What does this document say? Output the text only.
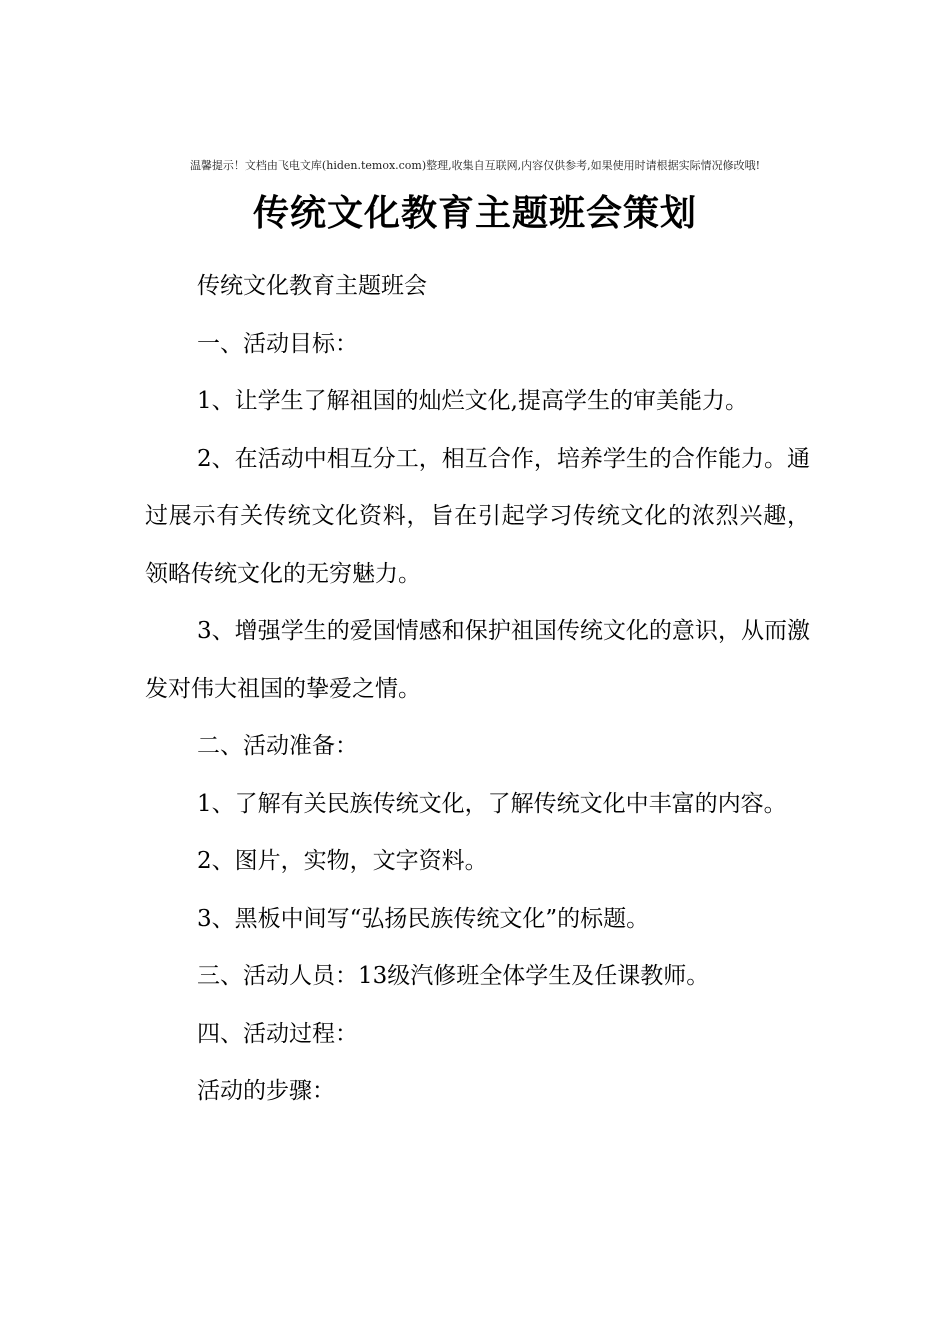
温馨提示！文档由飞电文库(hiden.temox.com)整理,收集自互联网,内容仅供参考,如果使用时请根据实际情况修改哦!
传统文化教育主题班会策划

传统文化教育主题班会

一、活动目标：

1、让学生了解祖国的灿烂文化,提高学生的审美能力。

2、在活动中相互分工，相互合作，培养学生的合作能力。通过展示有关传统文化资料，旨在引起学习传统文化的浓烈兴趣，领略传统文化的无穷魅力。

3、增强学生的爱国情感和保护祖国传统文化的意识，从而激发对伟大祖国的挚爱之情。

二、活动准备：

1、了解有关民族传统文化，了解传统文化中丰富的内容。

2、图片，实物，文字资料。

3、黑板中间写“弘扬民族传统文化”的标题。

三、活动人员：13级汽修班全体学生及任课教师。

四、活动过程：

活动的步骤：
